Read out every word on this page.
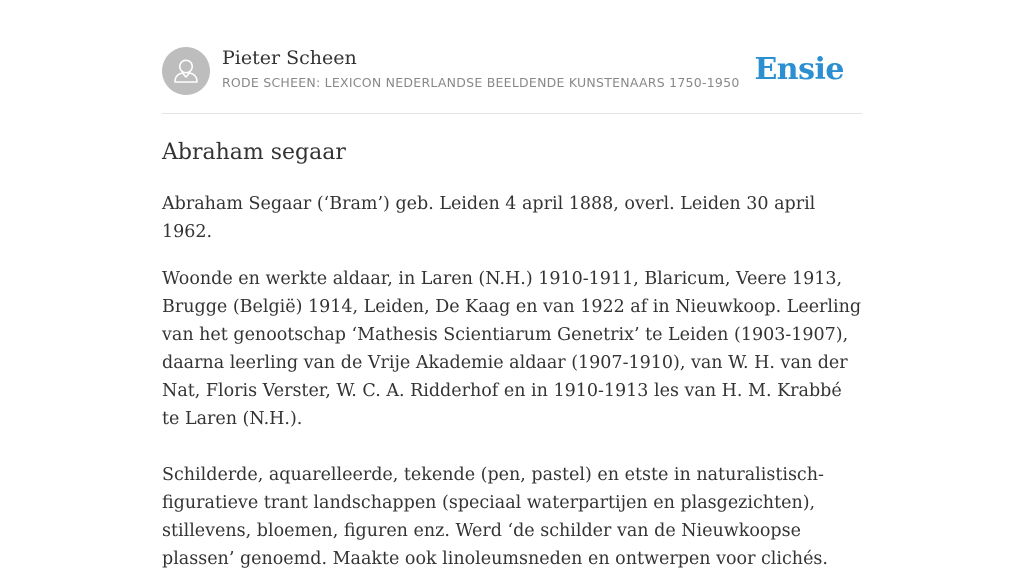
Pieter Scheen
RODE SCHEEN: LEXICON NEDERLANDSE BEELDENDE KUNSTENAARS 1750-1950 Ensie
Abraham segaar

Abraham Segaar (‘Bram’) geb. Leiden 4 april 1888, overl. Leiden 30 april 1962.

Woonde en werkte aldaar, in Laren (N.H.) 1910-1911, Blaricum, Veere 1913, Brugge (België) 1914, Leiden, De Kaag en van 1922 af in Nieuwkoop. Leerling van het genootschap ‘Mathesis Scientiarum Genetrix’ te Leiden (1903-1907), daarna leerling van de Vrije Akademie aldaar (1907-1910), van W. H. van der Nat, Floris Verster, W. C. A. Ridderhof en in 1910-1913 les van H. M. Krabbé te Laren (N.H.).

Schilderde, aquarelleerde, tekende (pen, pastel) en etste in naturalistisch-figuratieve trant landschappen (speciaal waterpartijen en plasgezichten), stillevens, bloemen, figuren enz. Werd ‘de schilder van de Nieuwkoopse plassen’ genoemd. Maakte ook linoleumsneden en ontwerpen voor clichés.
